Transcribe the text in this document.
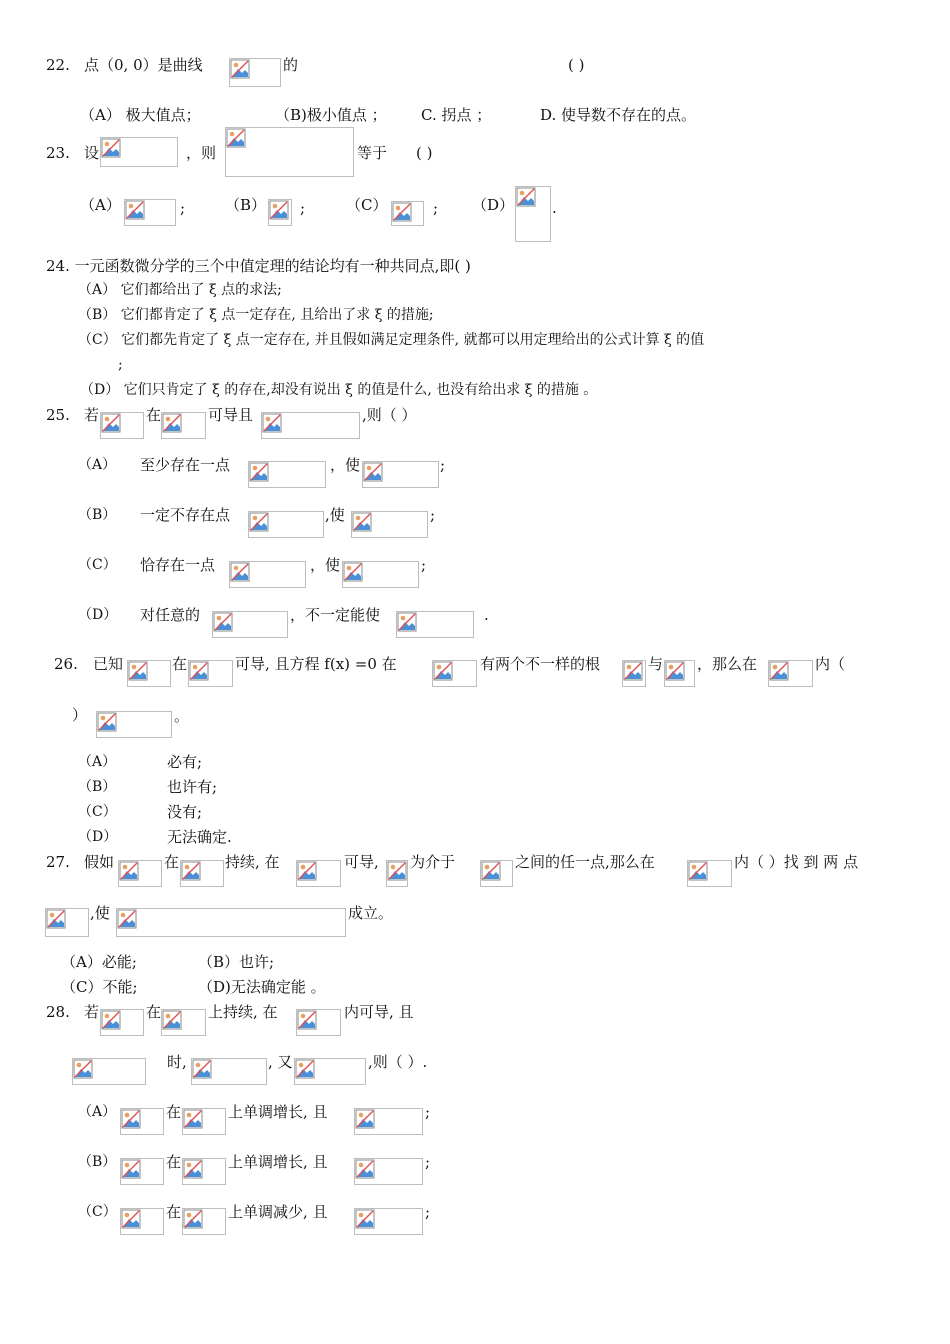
22. 点（0, 0）是曲线	的	( )
（A） 极大值点；	（B)极小值点 ； C. 拐点 ；	D. 使导数不存在的点。
23. 设	，则	等于 ( )
（A）	;	（B） ;	（C）	; （D）	.
24. 一元函数微分学的三个中值定理的结论均有一种共同点,即( )
（A） 它们都给出了 ξ 点的求法;
（B） 它们都肯定了 ξ 点一定存在, 且给出了求 ξ 的措施;
（C） 它们都先肯定了 ξ 点一定存在, 并且假如满足定理条件, 就都可以用定理给出的公式计算 ξ 的值
;
（D） 它们只肯定了 ξ 的存在,却没有说出 ξ 的值是什么, 也没有给出求 ξ 的措施 。
25. 若	在	可导且	,则（ ）
（A） 至少存在一点	，使	;
（B） 一定不存在点	,使	;
（C） 恰存在一点	，使	;
（D） 对任意的	，不一定能使	.
26. 已知	在	可导, 且方程 f(x) =0 在	有两个不一样的根	与 ，那么在	内（
）	。
（A）	必有;
（B）	也许有;
（C）	没有;
（D）	无法确定.
27. 假如	在	持续, 在	可导, 为介于	之间的任一点,那么在	内（ ）找 到 两 点
,使	成立。
（A）必能;	（B）也许;
（C）不能;	（D)无法确定能 。
28. 若	在	上持续, 在	内可导, 且
时,	, 又	,则（ ）.
（A）	在	上单调增长, 且	;
（B）	在	上单调增长, 且	;
（C）	在	上单调减少, 且	;
